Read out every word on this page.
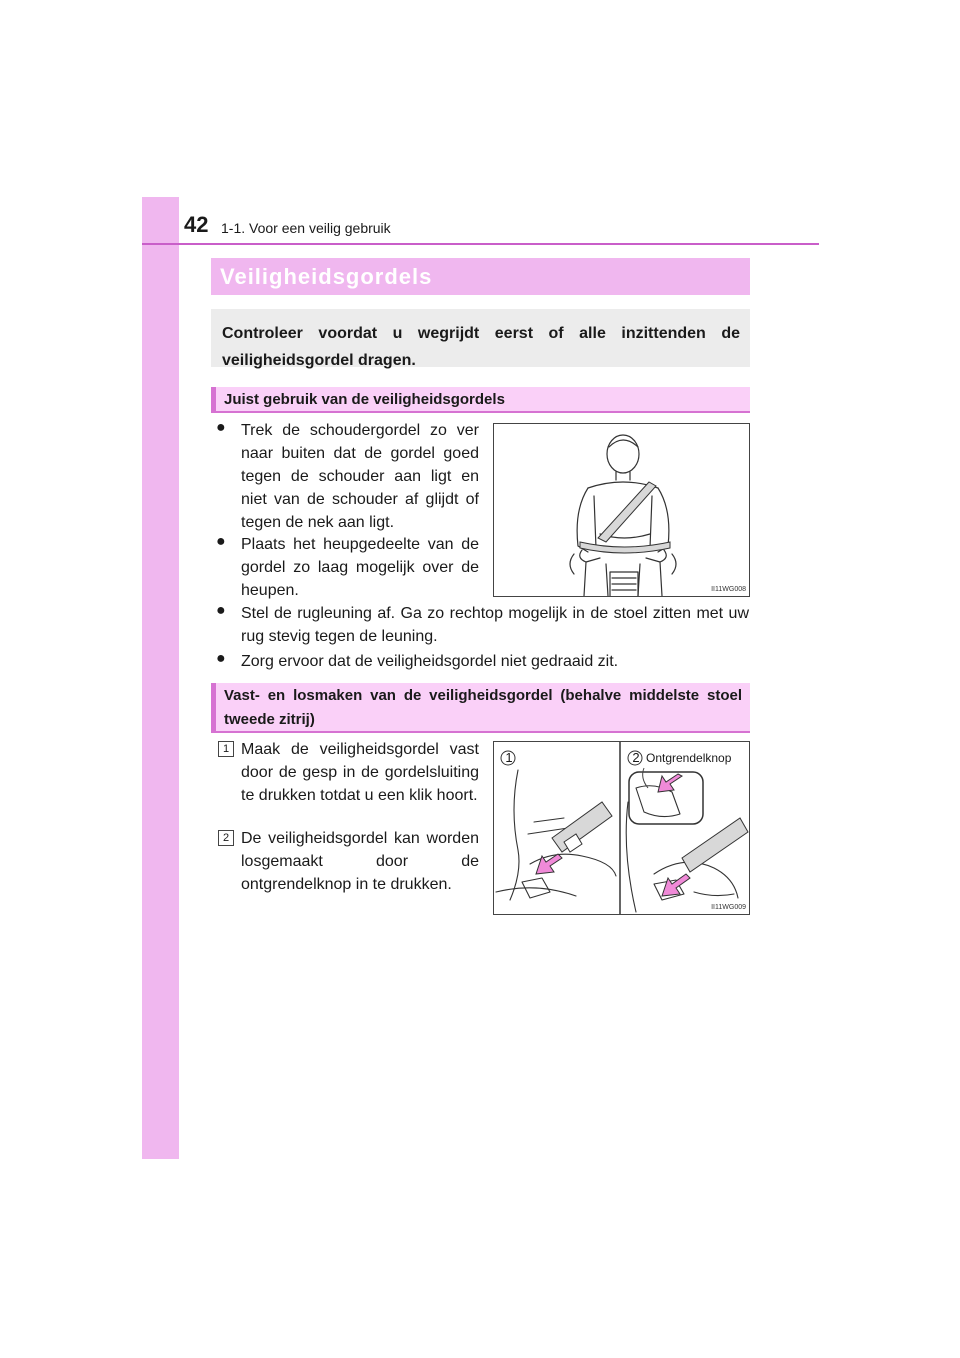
42 1-1. Voor een veilig gebruik
Veiligheidsgordels
Controleer voordat u wegrijdt eerst of alle inzittenden de veiligheidsgordel dragen.
Juist gebruik van de veiligheidsgordels
● Trek de schoudergordel zo ver naar buiten dat de gordel goed tegen de schouder aan ligt en niet van de schouder af glijdt of tegen de nek aan ligt.
● Plaats het heupgedeelte van de gordel zo laag mogelijk over de heupen.
● Stel de rugleuning af. Ga zo rechtop mogelijk in de stoel zitten met uw rug stevig tegen de leuning.
● Zorg ervoor dat de veiligheidsgordel niet gedraaid zit.
II11WG008
Vast- en losmaken van de veiligheidsgordel (behalve middelste stoel tweede zitrij)
1 Maak de veiligheidsgordel vast door de gesp in de gordelsluiting te drukken totdat u een klik hoort.
2 De veiligheidsgordel kan worden losgemaakt door de ontgrendelknop in te drukken.
1	2 Ontgrendelknop
II11WG009
